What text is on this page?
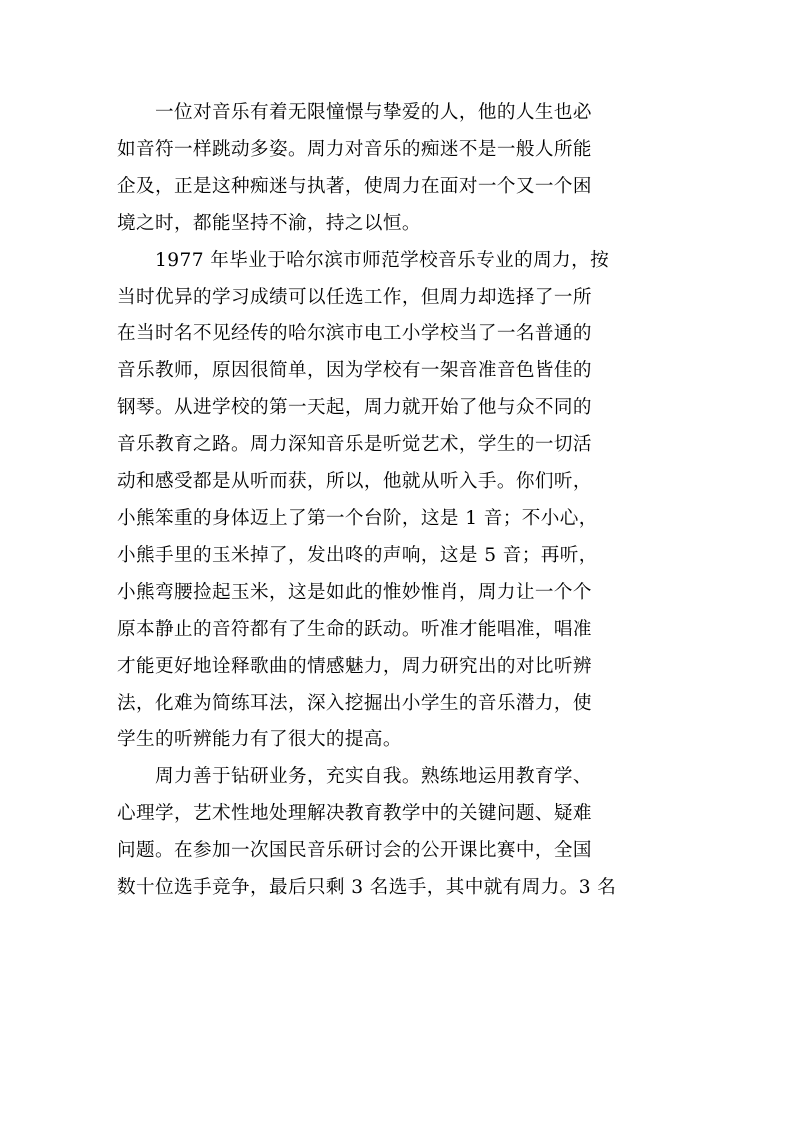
一位对音乐有着无限憧憬与挚爱的人，他的人生也必
如音符一样跳动多姿。周力对音乐的痴迷不是一般人所能
企及，正是这种痴迷与执著，使周力在面对一个又一个困
境之时，都能坚持不渝，持之以恒。

1977 年毕业于哈尔滨市师范学校音乐专业的周力，按
当时优异的学习成绩可以任选工作，但周力却选择了一所
在当时名不见经传的哈尔滨市电工小学校当了一名普通的
音乐教师，原因很简单，因为学校有一架音准音色皆佳的
钢琴。从进学校的第一天起，周力就开始了他与众不同的
音乐教育之路。周力深知音乐是听觉艺术，学生的一切活
动和感受都是从听而获，所以，他就从听入手。你们听，
小熊笨重的身体迈上了第一个台阶，这是 1 音；不小心，
小熊手里的玉米掉了，发出咚的声响，这是 5 音；再听，
小熊弯腰捡起玉米，这是如此的惟妙惟肖，周力让一个个
原本静止的音符都有了生命的跃动。听准才能唱准，唱准
才能更好地诠释歌曲的情感魅力，周力研究出的对比听辨
法，化难为简练耳法，深入挖掘出小学生的音乐潜力，使
学生的听辨能力有了很大的提高。

周力善于钻研业务，充实自我。熟练地运用教育学、
心理学，艺术性地处理解决教育教学中的关键问题、疑难
问题。在参加一次国民音乐研讨会的公开课比赛中，全国
数十位选手竞争，最后只剩 3 名选手，其中就有周力。3 名
